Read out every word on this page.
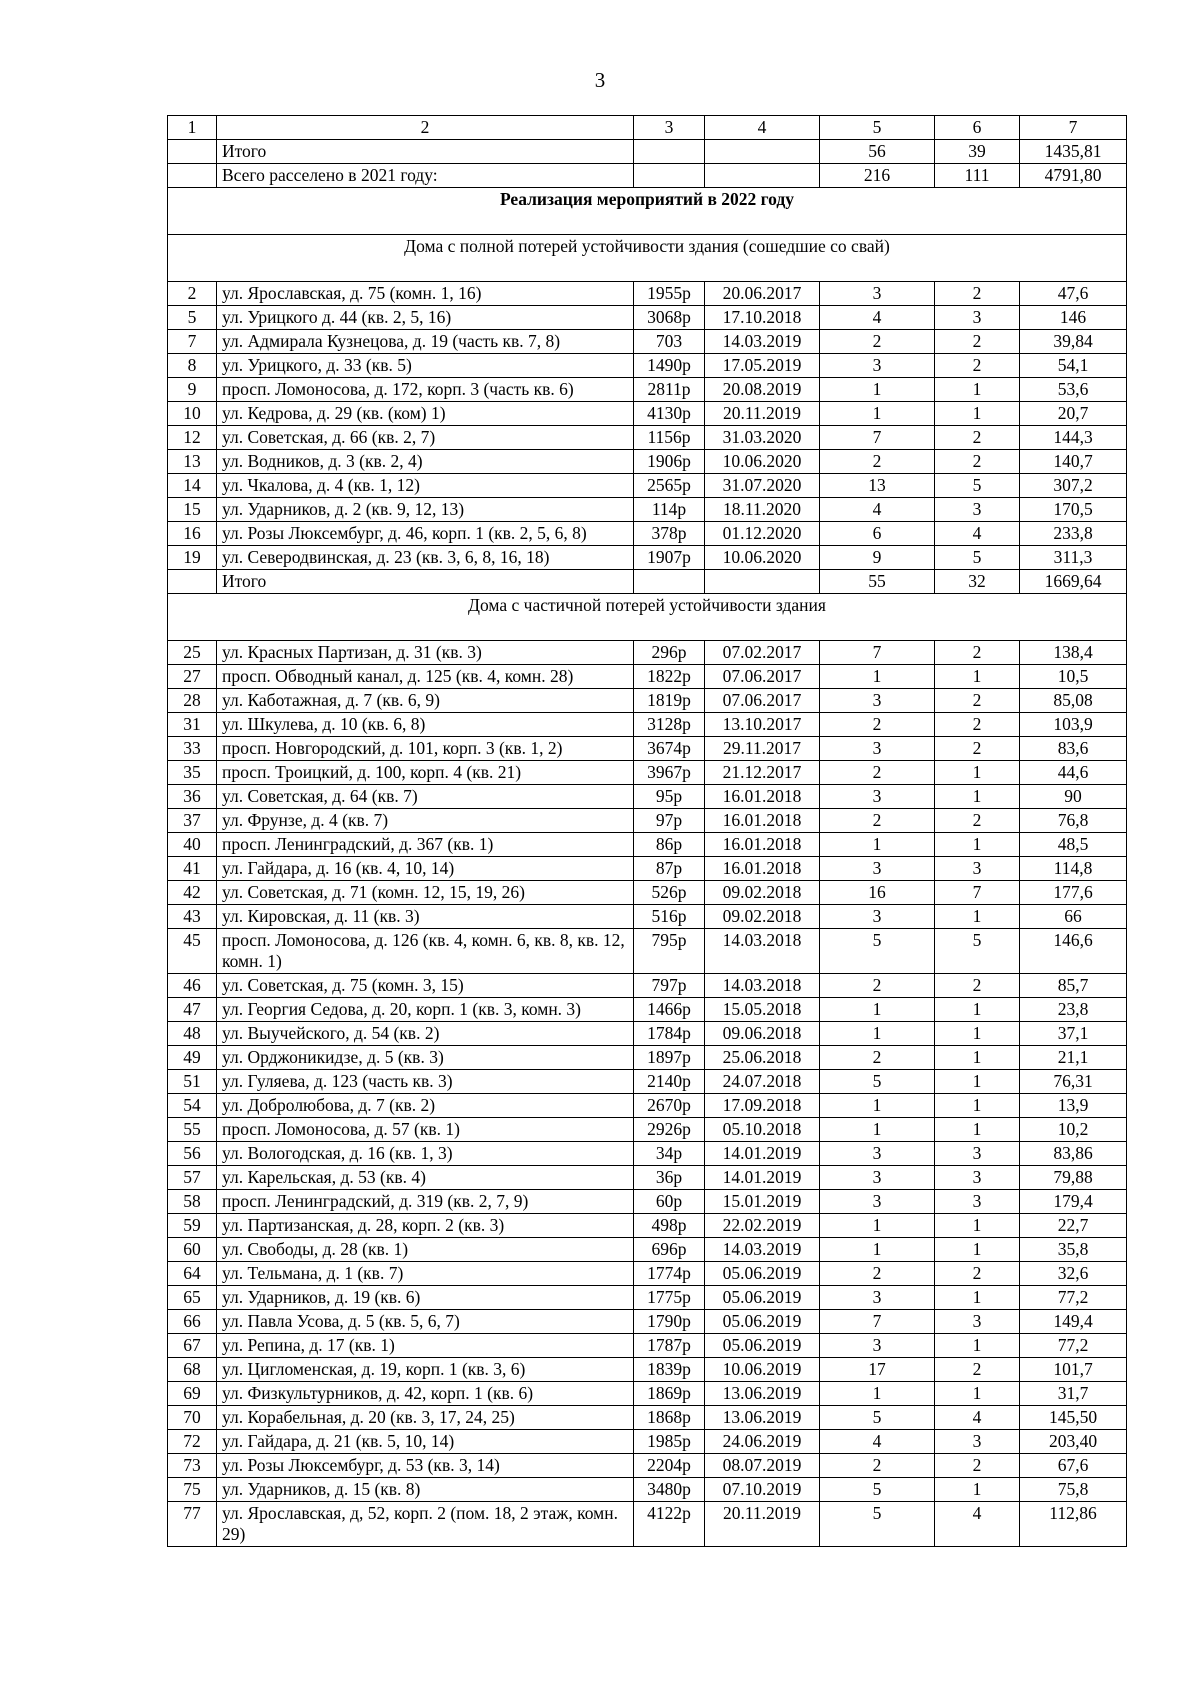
3
1	2	3	4	5	6	7
	Итого			56	39	1435,81
	Всего расселено в 2021 году:			216	111	4791,80
Реализация мероприятий в 2022 году						
Дома с полной потерей устойчивости здания (сошедшие со свай)						
2	ул. Ярославская, д. 75 (комн. 1, 16)	1955р	20.06.2017	3	2	47,6
5	ул. Урицкого д. 44 (кв. 2, 5, 16)	3068р	17.10.2018	4	3	146
7	ул. Адмирала Кузнецова, д. 19 (часть кв. 7, 8)	703	14.03.2019	2	2	39,84
8	ул. Урицкого, д. 33 (кв. 5)	1490р	17.05.2019	3	2	54,1
9	просп. Ломоносова, д. 172, корп. 3 (часть кв. 6)	2811р	20.08.2019	1	1	53,6
10	ул. Кедрова, д. 29 (кв. (ком) 1)	4130р	20.11.2019	1	1	20,7
12	ул. Советская, д. 66 (кв. 2, 7)	1156р	31.03.2020	7	2	144,3
13	ул. Водников, д. 3 (кв. 2, 4)	1906р	10.06.2020	2	2	140,7
14	ул. Чкалова, д. 4 (кв. 1, 12)	2565р	31.07.2020	13	5	307,2
15	ул. Ударников, д. 2 (кв. 9, 12, 13)	114р	18.11.2020	4	3	170,5
16	ул. Розы Люксембург, д. 46, корп. 1 (кв. 2, 5, 6, 8)	378р	01.12.2020	6	4	233,8
19	ул. Северодвинская, д. 23 (кв. 3, 6, 8, 16, 18)	1907р	10.06.2020	9	5	311,3
	Итого			55	32	1669,64
Дома с частичной потерей устойчивости здания						
25	ул. Красных Партизан, д. 31 (кв. 3)	296р	07.02.2017	7	2	138,4
27	просп. Обводный канал, д. 125 (кв. 4, комн. 28)	1822р	07.06.2017	1	1	10,5
28	ул. Каботажная, д. 7 (кв. 6, 9)	1819р	07.06.2017	3	2	85,08
31	ул. Шкулева, д. 10 (кв. 6, 8)	3128р	13.10.2017	2	2	103,9
33	просп. Новгородский, д. 101, корп. 3 (кв. 1, 2)	3674р	29.11.2017	3	2	83,6
35	просп. Троицкий, д. 100, корп. 4 (кв. 21)	3967р	21.12.2017	2	1	44,6
36	ул. Советская, д. 64 (кв. 7)	95р	16.01.2018	3	1	90
37	ул. Фрунзе, д. 4 (кв. 7)	97р	16.01.2018	2	2	76,8
40	просп. Ленинградский, д. 367 (кв. 1)	86р	16.01.2018	1	1	48,5
41	ул. Гайдара, д. 16 (кв. 4, 10, 14)	87р	16.01.2018	3	3	114,8
42	ул. Советская, д. 71 (комн. 12, 15, 19, 26)	526р	09.02.2018	16	7	177,6
43	ул. Кировская, д. 11 (кв. 3)	516р	09.02.2018	3	1	66
45	просп. Ломоносова, д. 126 (кв. 4, комн. 6, кв. 8, кв. 12, комн. 1)	795р	14.03.2018	5	5	146,6
46	ул. Советская, д. 75 (комн. 3, 15)	797р	14.03.2018	2	2	85,7
47	ул. Георгия Седова, д. 20, корп. 1 (кв. 3, комн. 3)	1466р	15.05.2018	1	1	23,8
48	ул. Выучейского, д. 54 (кв. 2)	1784р	09.06.2018	1	1	37,1
49	ул. Орджоникидзе, д. 5 (кв. 3)	1897р	25.06.2018	2	1	21,1
51	ул. Гуляева, д. 123 (часть кв. 3)	2140р	24.07.2018	5	1	76,31
54	ул. Добролюбова, д. 7 (кв. 2)	2670р	17.09.2018	1	1	13,9
55	просп. Ломоносова, д. 57 (кв. 1)	2926р	05.10.2018	1	1	10,2
56	ул. Вологодская, д. 16 (кв. 1, 3)	34р	14.01.2019	3	3	83,86
57	ул. Карельская, д. 53 (кв. 4)	36р	14.01.2019	3	3	79,88
58	просп. Ленинградский, д. 319 (кв. 2, 7, 9)	60р	15.01.2019	3	3	179,4
59	ул. Партизанская, д. 28, корп. 2 (кв. 3)	498р	22.02.2019	1	1	22,7
60	ул. Свободы, д. 28 (кв. 1)	696р	14.03.2019	1	1	35,8
64	ул. Тельмана, д. 1 (кв. 7)	1774р	05.06.2019	2	2	32,6
65	ул. Ударников, д. 19 (кв. 6)	1775р	05.06.2019	3	1	77,2
66	ул. Павла Усова, д. 5 (кв. 5, 6, 7)	1790р	05.06.2019	7	3	149,4
67	ул. Репина, д. 17 (кв. 1)	1787р	05.06.2019	3	1	77,2
68	ул. Цигломенская, д. 19, корп. 1 (кв. 3, 6)	1839р	10.06.2019	17	2	101,7
69	ул. Физкультурников, д. 42, корп. 1 (кв. 6)	1869р	13.06.2019	1	1	31,7
70	ул. Корабельная, д. 20 (кв. 3, 17, 24, 25)	1868р	13.06.2019	5	4	145,50
72	ул. Гайдара, д. 21 (кв. 5, 10, 14)	1985р	24.06.2019	4	3	203,40
73	ул. Розы Люксембург, д. 53 (кв. 3, 14)	2204р	08.07.2019	2	2	67,6
75	ул. Ударников, д. 15 (кв. 8)	3480р	07.10.2019	5	1	75,8
77	ул. Ярославская, д, 52, корп. 2 (пом. 18, 2 этаж, комн. 29)	4122р	20.11.2019	5	4	112,86
